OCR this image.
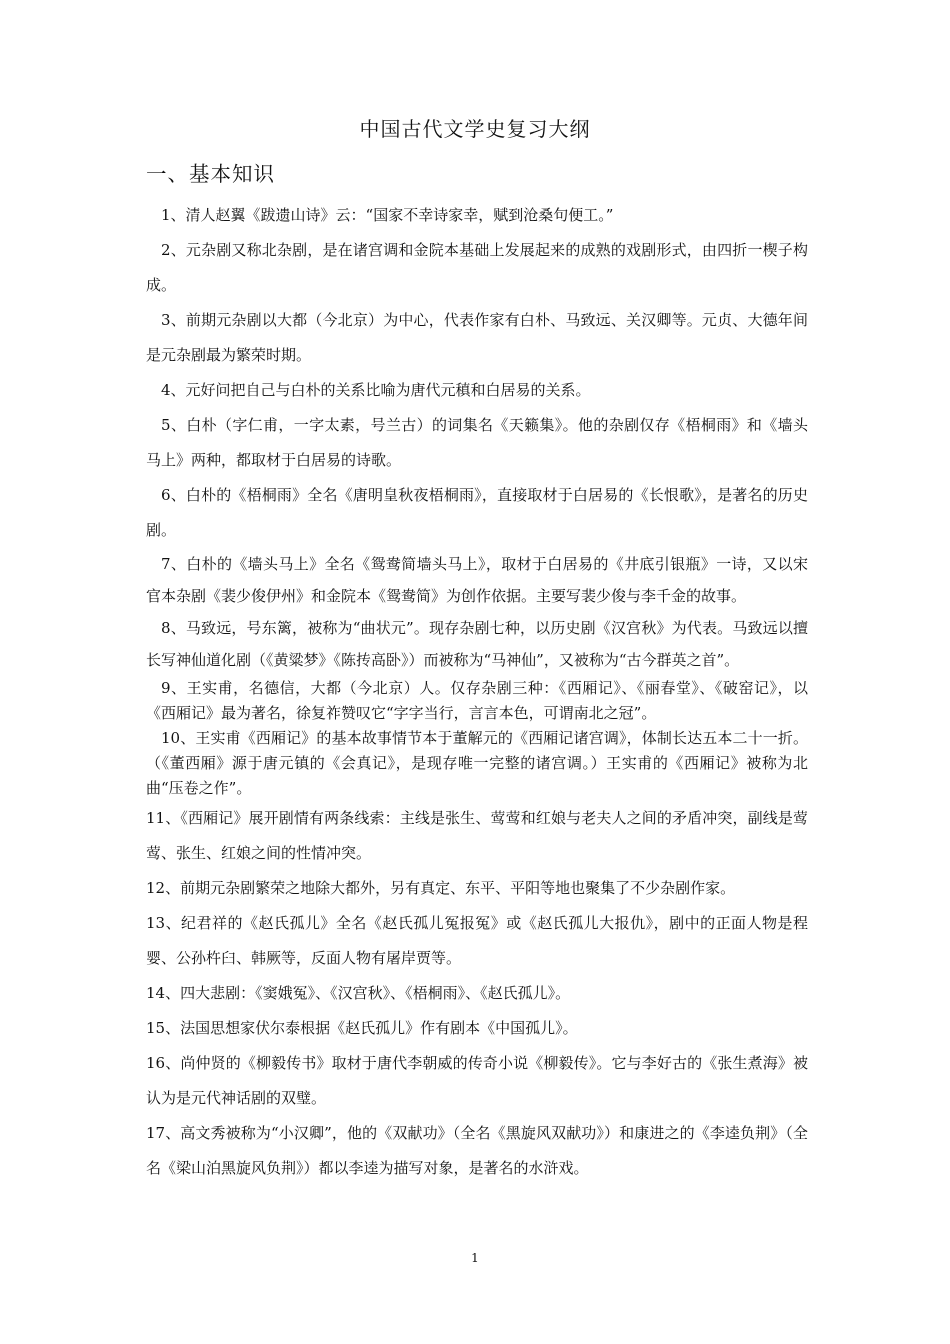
中国古代文学史复习大纲
一、基本知识

1、清人赵翼《跋遗山诗》云：“国家不幸诗家幸，赋到沧桑句便工。”

2、元杂剧又称北杂剧，是在诸宫调和金院本基础上发展起来的成熟的戏剧形式，由四折一楔子构成。

3、前期元杂剧以大都（今北京）为中心，代表作家有白朴、马致远、关汉卿等。元贞、大德年间是元杂剧最为繁荣时期。

4、元好问把自己与白朴的关系比喻为唐代元稹和白居易的关系。

5、白朴（字仁甫，一字太素，号兰古）的词集名《天籁集》。他的杂剧仅存《梧桐雨》和《墙头马上》两种，都取材于白居易的诗歌。

6、白朴的《梧桐雨》全名《唐明皇秋夜梧桐雨》，直接取材于白居易的《长恨歌》，是著名的历史剧。

7、白朴的《墙头马上》全名《鸳鸯简墙头马上》，取材于白居易的《井底引银瓶》一诗，又以宋官本杂剧《裴少俊伊州》和金院本《鸳鸯简》为创作依据。主要写裴少俊与李千金的故事。

8、马致远，号东篱，被称为“曲状元”。现存杂剧七种，以历史剧《汉宫秋》为代表。马致远以擅长写神仙道化剧（《黄粱梦》《陈抟高卧》）而被称为“马神仙”，又被称为“古今群英之首”。

9、王实甫，名德信，大都（今北京）人。仅存杂剧三种：《西厢记》、《丽春堂》、《破窑记》，以《西厢记》最为著名，徐复祚赞叹它“字字当行，言言本色，可谓南北之冠”。

10、王实甫《西厢记》的基本故事情节本于董解元的《西厢记诸宫调》，体制长达五本二十一折。（《董西厢》源于唐元镇的《会真记》，是现存唯一完整的诸宫调。）王实甫的《西厢记》被称为北曲“压卷之作”。

11、《西厢记》展开剧情有两条线索：主线是张生、莺莺和红娘与老夫人之间的矛盾冲突，副线是莺莺、张生、红娘之间的性情冲突。

12、前期元杂剧繁荣之地除大都外，另有真定、东平、平阳等地也聚集了不少杂剧作家。

13、纪君祥的《赵氏孤儿》全名《赵氏孤儿冤报冤》或《赵氏孤儿大报仇》，剧中的正面人物是程婴、公孙杵臼、韩厥等，反面人物有屠岸贾等。

14、四大悲剧：《窦娥冤》、《汉宫秋》、《梧桐雨》、《赵氏孤儿》。

15、法国思想家伏尔泰根据《赵氏孤儿》作有剧本《中国孤儿》。

16、尚仲贤的《柳毅传书》取材于唐代李朝威的传奇小说《柳毅传》。它与李好古的《张生煮海》被认为是元代神话剧的双璧。

17、高文秀被称为“小汉卿”，他的《双献功》（全名《黑旋风双献功》）和康进之的《李逵负荆》（全名《梁山泊黑旋风负荆》）都以李逵为描写对象，是著名的水浒戏。

1
